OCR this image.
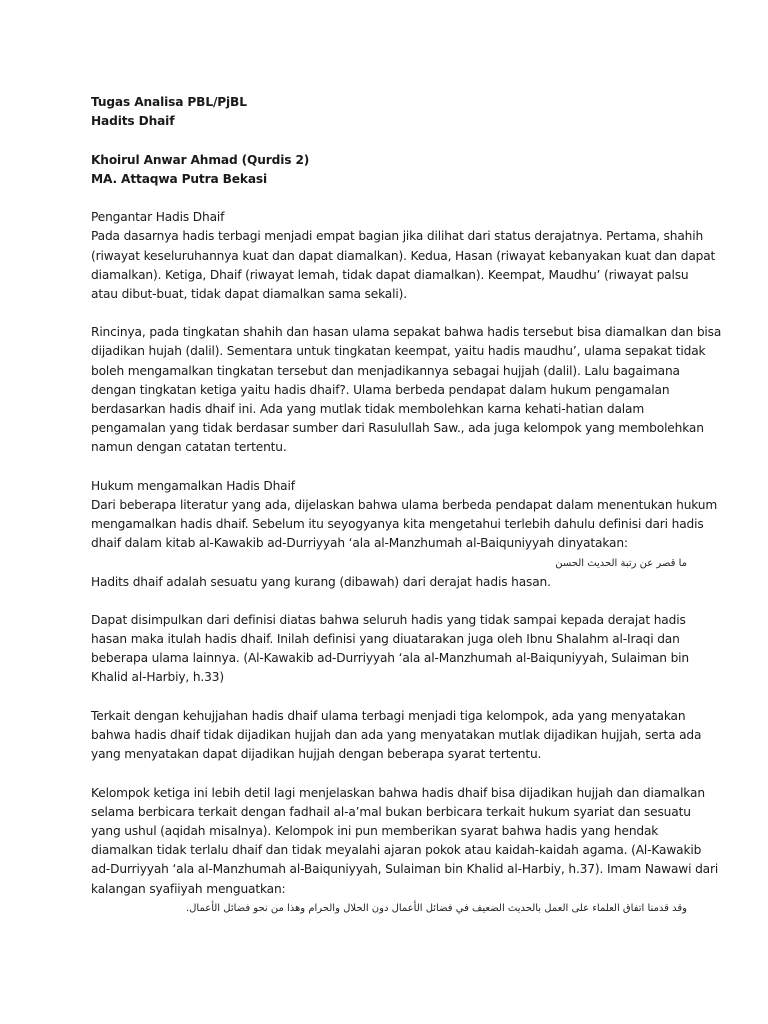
Tugas Analisa PBL/PjBL
Hadits Dhaif
Khoirul Anwar Ahmad (Qurdis 2)
MA. Attaqwa Putra Bekasi
Pengantar Hadis Dhaif
Pada dasarnya hadis terbagi menjadi empat bagian jika dilihat dari status derajatnya. Pertama, shahih
(riwayat keseluruhannya kuat dan dapat diamalkan). Kedua, Hasan (riwayat kebanyakan kuat dan dapat
diamalkan). Ketiga, Dhaif (riwayat lemah, tidak dapat diamalkan). Keempat, Maudhu’ (riwayat palsu
atau dibut-buat, tidak dapat diamalkan sama sekali).
Rincinya, pada tingkatan shahih dan hasan ulama sepakat bahwa hadis tersebut bisa diamalkan dan bisa
dijadikan hujah (dalil). Sementara untuk tingkatan keempat, yaitu hadis maudhu’, ulama sepakat tidak
boleh mengamalkan tingkatan tersebut dan menjadikannya sebagai hujjah (dalil). Lalu bagaimana
dengan tingkatan ketiga yaitu hadis dhaif?. Ulama berbeda pendapat dalam hukum pengamalan
berdasarkan hadis dhaif ini. Ada yang mutlak tidak membolehkan karna kehati-hatian dalam
pengamalan yang tidak berdasar sumber dari Rasulullah Saw., ada juga kelompok yang membolehkan
namun dengan catatan tertentu.
Hukum mengamalkan Hadis Dhaif
Dari beberapa literatur yang ada, dijelaskan bahwa ulama berbeda pendapat dalam menentukan hukum
mengamalkan hadis dhaif. Sebelum itu seyogyanya kita mengetahui terlebih dahulu definisi dari hadis
dhaif dalam kitab al-Kawakib ad-Durriyyah ‘ala al-Manzhumah al-Baiquniyyah dinyatakan:
ما قصر عن رتبة الحديث الحسن
Hadits dhaif adalah sesuatu yang kurang (dibawah) dari derajat hadis hasan.
Dapat disimpulkan dari definisi diatas bahwa seluruh hadis yang tidak sampai kepada derajat hadis
hasan maka itulah hadis dhaif. Inilah definisi yang diuatarakan juga oleh Ibnu Shalahm al-Iraqi dan
beberapa ulama lainnya. (Al-Kawakib ad-Durriyyah ‘ala al-Manzhumah al-Baiquniyyah, Sulaiman bin
Khalid al-Harbiy, h.33)
Terkait dengan kehujjahan hadis dhaif ulama terbagi menjadi tiga kelompok, ada yang menyatakan
bahwa hadis dhaif tidak dijadikan hujjah dan ada yang menyatakan mutlak dijadikan hujjah, serta ada
yang menyatakan dapat dijadikan hujjah dengan beberapa syarat tertentu.
Kelompok ketiga ini lebih detil lagi menjelaskan bahwa hadis dhaif bisa dijadikan hujjah dan diamalkan
selama berbicara terkait dengan fadhail al-a’mal bukan berbicara terkait hukum syariat dan sesuatu
yang ushul (aqidah misalnya). Kelompok ini pun memberikan syarat bahwa hadis yang hendak
diamalkan tidak terlalu dhaif dan tidak meyalahi ajaran pokok atau kaidah-kaidah agama. (Al-Kawakib
ad-Durriyyah ‘ala al-Manzhumah al-Baiquniyyah, Sulaiman bin Khalid al-Harbiy, h.37). Imam Nawawi dari
kalangan syafiiyah menguatkan:
وقد قدمنا اتفاق العلماء على العمل بالحديث الضعيف في فضائل الأعمال دون الحلال والحرام وهذا من نحو فضائل الأعمال.
